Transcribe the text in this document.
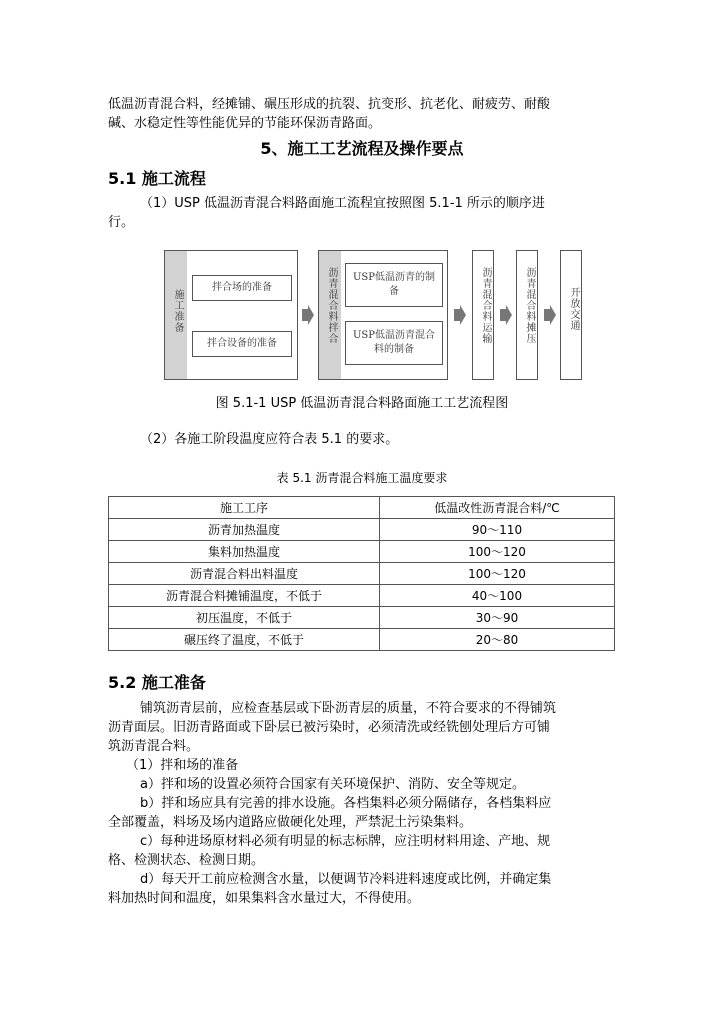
低温沥青混合料，经摊铺、碾压形成的抗裂、抗变形、抗老化、耐疲劳、耐酸
碱、水稳定性等性能优异的节能环保沥青路面。
5、施工工艺流程及操作要点
5.1 施工流程
（1）USP 低温沥青混合料路面施工流程宜按照图 5.1-1 所示的顺序进
行。
施工准备
拌合场的准备
拌合设备的准备	沥青混合料拌合	USP低温沥青的制备
USP低温沥青混合料的制备
沥青混合料运输	沥青混合料摊压	开放交通
图 5.1-1 USP 低温沥青混合料路面施工工艺流程图
（2）各施工阶段温度应符合表 5.1 的要求。
表 5.1 沥青混合料施工温度要求
施工工序	低温改性沥青混合料/℃
沥青加热温度	90～110
集料加热温度	100～120
沥青混合料出料温度	100～120
沥青混合料摊铺温度，不低于	40～100
初压温度，不低于	30～90
碾压终了温度，不低于	20～80
5.2 施工准备
铺筑沥青层前，应检查基层或下卧沥青层的质量，不符合要求的不得铺筑
沥青面层。旧沥青路面或下卧层已被污染时，必须清洗或经铣刨处理后方可铺
筑沥青混合料。
（1）拌和场的准备
a）拌和场的设置必须符合国家有关环境保护、消防、安全等规定。
b）拌和场应具有完善的排水设施。各档集料必须分隔储存，各档集料应
全部覆盖，料场及场内道路应做硬化处理，严禁泥土污染集料。
c）每种进场原材料必须有明显的标志标牌，应注明材料用途、产地、规
格、检测状态、检测日期。
d）每天开工前应检测含水量，以便调节冷料进料速度或比例，并确定集
料加热时间和温度，如果集料含水量过大，不得使用。
